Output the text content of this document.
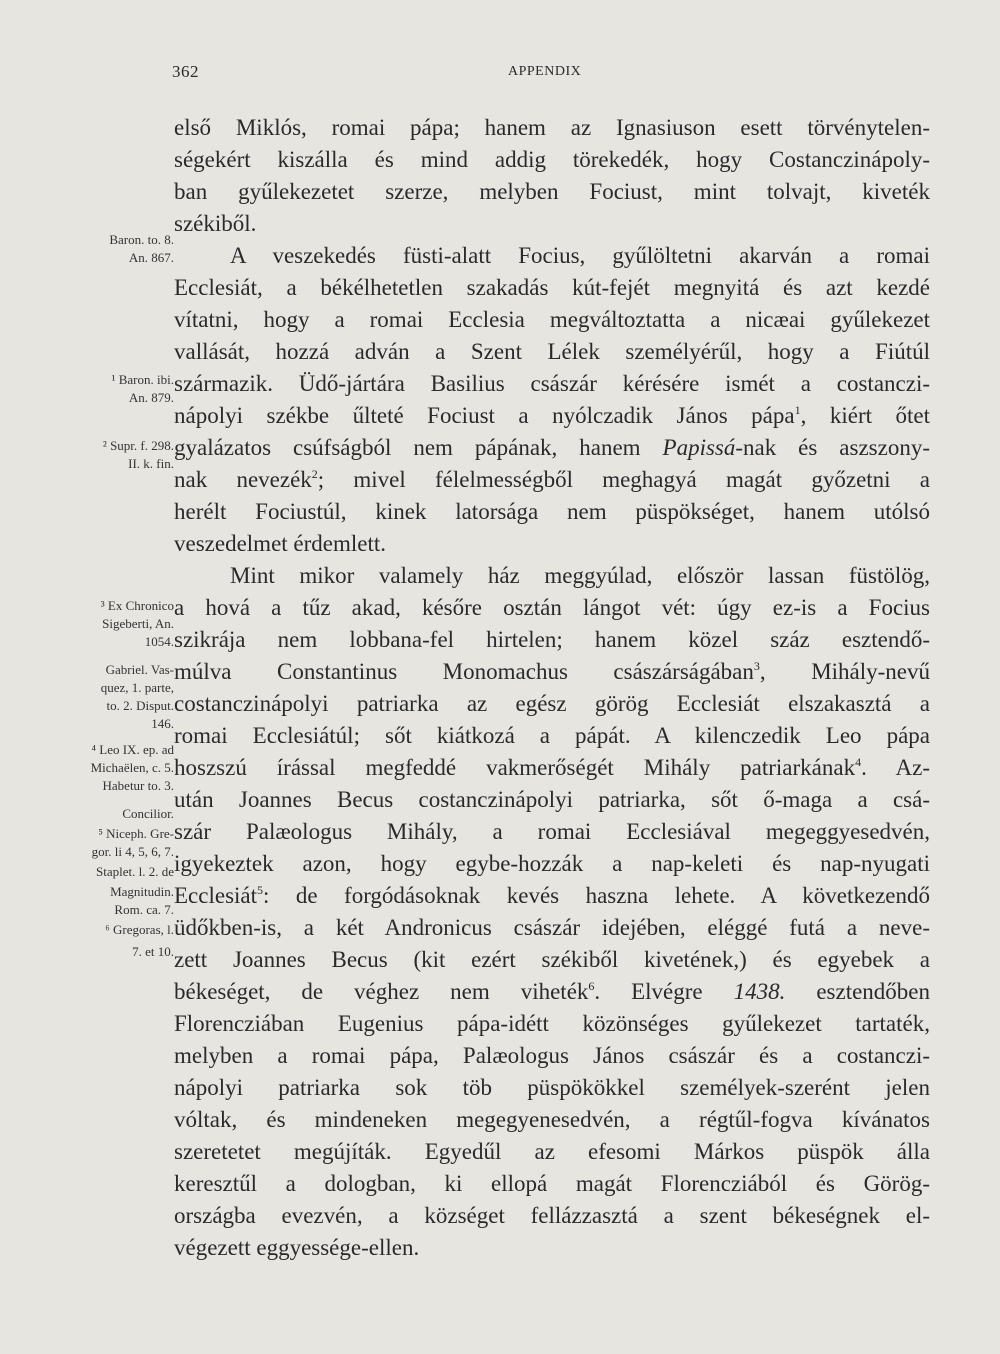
362	APPENDIX
első Miklós, romai pápa; hanem az Ignasiuson esett törvénytelen-
ségekért kiszálla és mind addig törekedék, hogy Costanczinápoly-
ban gyűlekezetet szerze, melyben Fociust, mint tolvajt, kiveték
székiből.
A veszekedés füsti-alatt Focius, gyűlöltetni akarván a romai
Ecclesiát, a békélhetetlen szakadás kút-fejét megnyitá és azt kezdé
vítatni, hogy a romai Ecclesia megváltoztatta a nicæai gyűlekezet
vallását, hozzá adván a Szent Lélek személyérűl, hogy a Fiútúl
származik. Üdő-jártára Basilius császár kérésére ismét a costanczi-
nápolyi székbe űlteté Fociust a nyólczadik János pápa$^1$, kiért őtet
gyalázatos csúfságból nem pápának, hanem Papissá-nak és aszszony-
nak nevezék$^2$; mivel félelmességből meghagyá magát győzetni a
herélt Fociustúl, kinek latorsága nem püspökséget, hanem utólsó
veszedelmet érdemlett.
Mint mikor valamely ház meggyúlad, először lassan füstölög,
a hová a tűz akad, későre osztán lángot vét: úgy ez-is a Focius
szikrája nem lobbana-fel hirtelen; hanem közel száz esztendő-
múlva Constantinus Monomachus császárságában$^3$, Mihály-nevű
costanczinápolyi patriarka az egész görög Ecclesiát elszakasztá a
romai Ecclesiátúl; sőt kiátkozá a pápát. A kilenczedik Leo pápa
hoszszú írással megfeddé vakmerőségét Mihály patriarkának$^4$. Az-
után Joannes Becus costanczinápolyi patriarka, sőt ő-maga a csá-
szár Palæologus Mihály, a romai Ecclesiával megeggyesedvén,
igyekeztek azon, hogy egybe-hozzák a nap-keleti és nap-nyugati
Ecclesiát$^5$: de forgódásoknak kevés haszna lehete. A következendő
üdőkben-is, a két Andronicus császár idejében, eléggé futá a neve-
zett Joannes Becus (kit ezért székiből kivetének,) és egyebek a
békeséget, de véghez nem viheték$^6$. Elvégre 1438. esztendőben
Florencziában Eugenius pápa-idétt közönséges gyűlekezet tartaték,
melyben a romai pápa, Palæologus János császár és a costanczi-
nápolyi patriarka sok töb püspökökkel személyek-szerént jelen
vóltak, és mindeneken megegyenesedvén, a régtűl-fogva kívánatos
szeretetet megújíták. Egyedűl az efesomi Márkos püspök álla
keresztűl a dologban, ki ellopá magát Florencziából és Görög-
országba evezvén, a községet fellázzasztá a szent békeségnek el-
végezett eggyessége-ellen.
Baron. to. 8.
An. 867.
¹ Baron. ibi.
An. 879.
² Supr. f. 298.
II. k. fin.
³ Ex Chronico
Sigeberti, An.
1054.
Gabriel. Vas-
quez, 1. parte,
to. 2. Disput.
146.
⁴ Leo IX. ep. ad
Michaëlen, c. 5.
Habetur to. 3.
Concilior.
⁵ Niceph. Gre-
gor. li 4, 5, 6, 7.
Staplet. l. 2. de
Magnitudin.
Rom. ca. 7.
⁶ Gregoras, l.
7. et 10.
